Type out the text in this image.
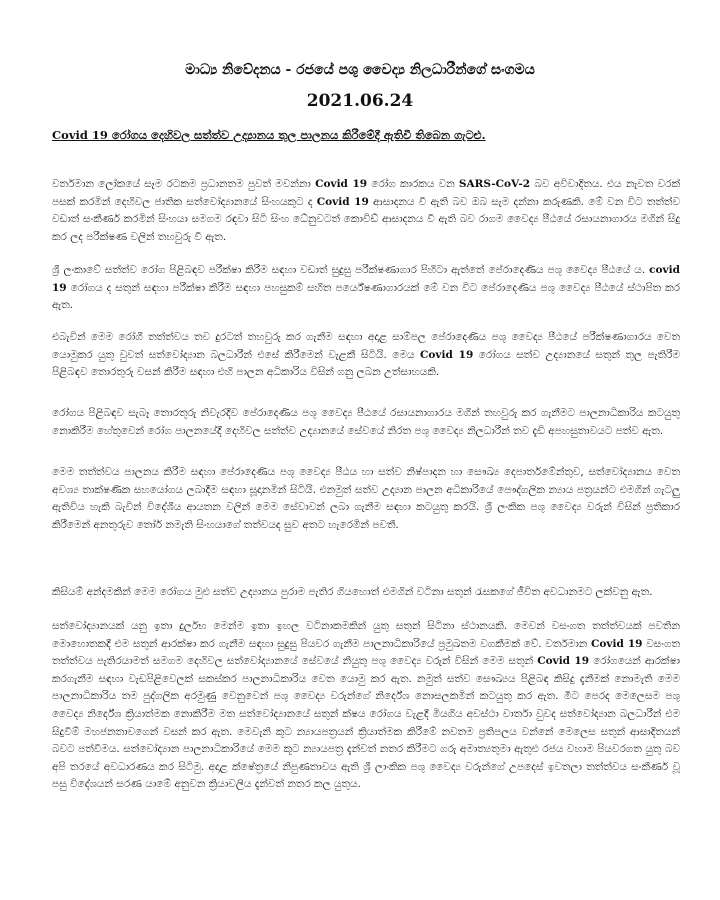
මාධ්‍ය නිවේදනය - රජයේ පශු වෛද්‍ය නිලධාරීන්ගේ සංගමය
2021.06.24
Covid 19 රෝගය දෙහිවල සත්ත්ව උද්‍යානය තුල පාලනය කිරීමේදී ඇතිවී තිබෙන ගැටළු.

වර්තමාන ලෝකයේ සෑම රටකම ප්‍රධානතම පුවත් මවන්නා Covid 19 රෝග කාරකය වන SARS-CoV-2 බව අවිවාදිතය. එය නැවත වරක් පසක් කරමින් දෙහිවල ජාතික සත්වෝද්‍යානයේ සිංහයකුට ද Covid 19 ආසාදනය වී ඇති බව ඔබ සැම දන්නා කරුණකි. මේ වන විට තත්ත්ව වඩාත් සංකීර්ණ කරමින් සිංහයා සමගම රඳවා සිටි සිංහ ධේනුවටත් කොවිඩ් ආසාදනය වී ඇති බව රාගම වෛද්‍ය පීඨයේ රසායනාගාරය මගින් සිදු කර ලද පරීක්ෂණ වලින් තහවුරු වී ඇත.

ශ්‍රී ලංකාවේ සත්ත්ව රෝග පිළිබඳව පරීක්ෂා කිරීම සඳහා වඩාත් සුදුසු පරීක්ෂණාගාර පිහිටා ඇත්තේ පේරාදෙණිය පශු වෛද්‍ය පීඨයේ ය. covid 19 රෝගය ද සතුන් සඳහා පරීක්ෂා කිරීම සඳහා පහසුකම් සහිත පර්යේෂණාගාරයක් මේ වන විට පේරාදෙණිය පශු වෛද්‍ය පීඨයේ ස්ථාපිත කර ඇත.

එබැවින් මෙම රෝගී තත්ත්වය තව දුරටත් තහවුරු කර ගැනීම සඳහා අදාළ සාම්පල පේරාදෙණිය පශු වෛද්‍ය පීඨයේ පරීක්ෂණාගාරය වෙත යොමුකර යුතු වුවත් සත්වෝද්‍යාන බලධාරීන් එසේ කිරීමෙන් වැළකී සිටියි. මෙය Covid 19 රෝගය සත්ව උද්‍යානයේ සතුන් තුල පැතිරීම පිළිබඳව තොරතුරු වසන් කිරීම සඳහා එහි පාලන අධිකාරිය විසින් ගනු ලබන උත්සාහයකි.

රෝගය පිළිබඳව සැබෑ තොරතුරු නිවැරදිව පේරාදෙණිය පශු වෛද්‍ය පීඨයේ රසායනාගාරය මගින් තහවුරු කර ගැනීමට පාලනාධිකාරිය කටයුතු නොකිරීම හේතුවෙන් රෝග පාලනයේදී දෙහිවල සත්ත්ව උද්‍යානයේ සේවයේ නිරත පශු වෛද්‍ය නිලධාරීන් තව දැඩි අපහසුතාවයට පත්ව ඇත.

මෙම තත්ත්වය පාලනය කිරීම සඳහා පේරාදෙණිය පශු වෛද්‍ය පීඨය හා සත්ව නිෂ්පාදන හා සෞඛ්‍ය දෙපාර්තමේන්තුව, සත්වෝද්‍යානය වෙත අවශ්‍ය තාක්ෂණික සහයෝගය ලබාදීම සඳහා සූදානමින් සිටියි. එනමුත් සත්ව උද්‍යාන පාලන අධිකාරියේ පෞද්ගලික න්‍යාය පත්‍රයන්ට එමගින් ගැටලු ඇතිවිය හැකි බැවින් විදේශීය ආයතන වලින් මෙම සේවාවන් ලබා ගැනීම සඳහා කටයුතු කරයි. ශ්‍රී ලංකික පශු වෛද්‍ය වරුන් විසින් ප්‍රතිකාර කිරීමෙන් අනතුරුව තෝර් නමැති සිංහයාගේ තත්වයද සුව අතට හැරෙමින් පවතී.

කිසියම් අන්දමකින් මෙම රෝගය මුළු සත්ව උද්‍යානය පුරාම පැතිර ගියහොත් එමගින් වටිනා සතුන් රැසකගේ ජීවිත අවධානමට ලක්වනු ඇත.

සත්වෝද්‍යානයක් යනු ඉතා දුර්ලභ මෙන්ම ඉතා ඉහල වටිනාකමකින් යුතු සතුන් සිටිනා ස්ථානයකි. මෙවන් වසංගත තත්ත්වයක් පවතින මොහොතකදී එම සතුන් ආරක්ෂා කර ගැනීම සඳහා සුදුසු පියවර ගැනීම පාලනාධිකාරියේ ප්‍රමුඛතම වගකීමක් වේ. වර්තමාන Covid 19 වසංගත තත්ත්වය පැතිරයාමත් සමගම දෙහිවල සත්වෝද්‍යානයේ සේවයේ නියුතු පශු වෛද්‍ය වරුන් විසින් මෙම සතුන් Covid 19 රෝගයෙන් ආරක්ෂා කරගැනීම සඳහා වැඩපිළිවෙලක් සකස්කර පාලනාධිකාරිය වෙත යොමු කර ඇත. නමුත් සත්ව සෞඛ්‍යය පිළිබඳ කිසිදු දැනීමක් නොමැති මෙම පාලනාධිකාරිය තම පුද්ගලික අරමුණු වෙනුවෙන් පශු වෛද්‍ය වරුන්ගේ නිර්දේශ නොසලකමින් කටයුතු කර ඇත. මීට පෙරද මෙලෙසම පශු වෛද්‍ය නිර්දේශ ක්‍රියාත්මක නොකිරීම මත සත්වෝද්‍යානයේ සතුන් ක්ෂය රෝගය වැළදී මියගිය අවස්ථා වාර්තා වුවද සත්වෝද්‍යාන බලධාරීන් එම සිදුවීම් මහජනතාවගෙන් වසන් කර ඇත. මෙවැනි කූට න්‍යායපත්‍රයන් ක්‍රියාත්මක කිරීමේ නවතම ප්‍රතිපලය වන්නේ මෙලෙස සතුන් ආසාදිතයන් බවට පත්වීමය. සත්වෝද්‍යාන පාලනාධිකාරියේ මෙම කූට න්‍යායපත්‍ර දැන්වත් නතර කිරීමට ගරු අමාත්‍යතුමා ඇතුළු රජය වහාම පියවරගත යුතු බව අපි තරයේ අවධාරණය කර සිටිමු. අදාළ ක්ෂේත්‍රයේ නිපුණතාවය ඇති ශ්‍රී ලාංකික පශු වෛද්‍ය වරුන්ගේ උපදෙස් ඉවතලා තත්ත්වය සංකීර්ණ වූ පසු විදේශයන් සරණ යාමේ අනුවන ක්‍රියාවලිය දැන්වත් නතර කල යුතුය.
